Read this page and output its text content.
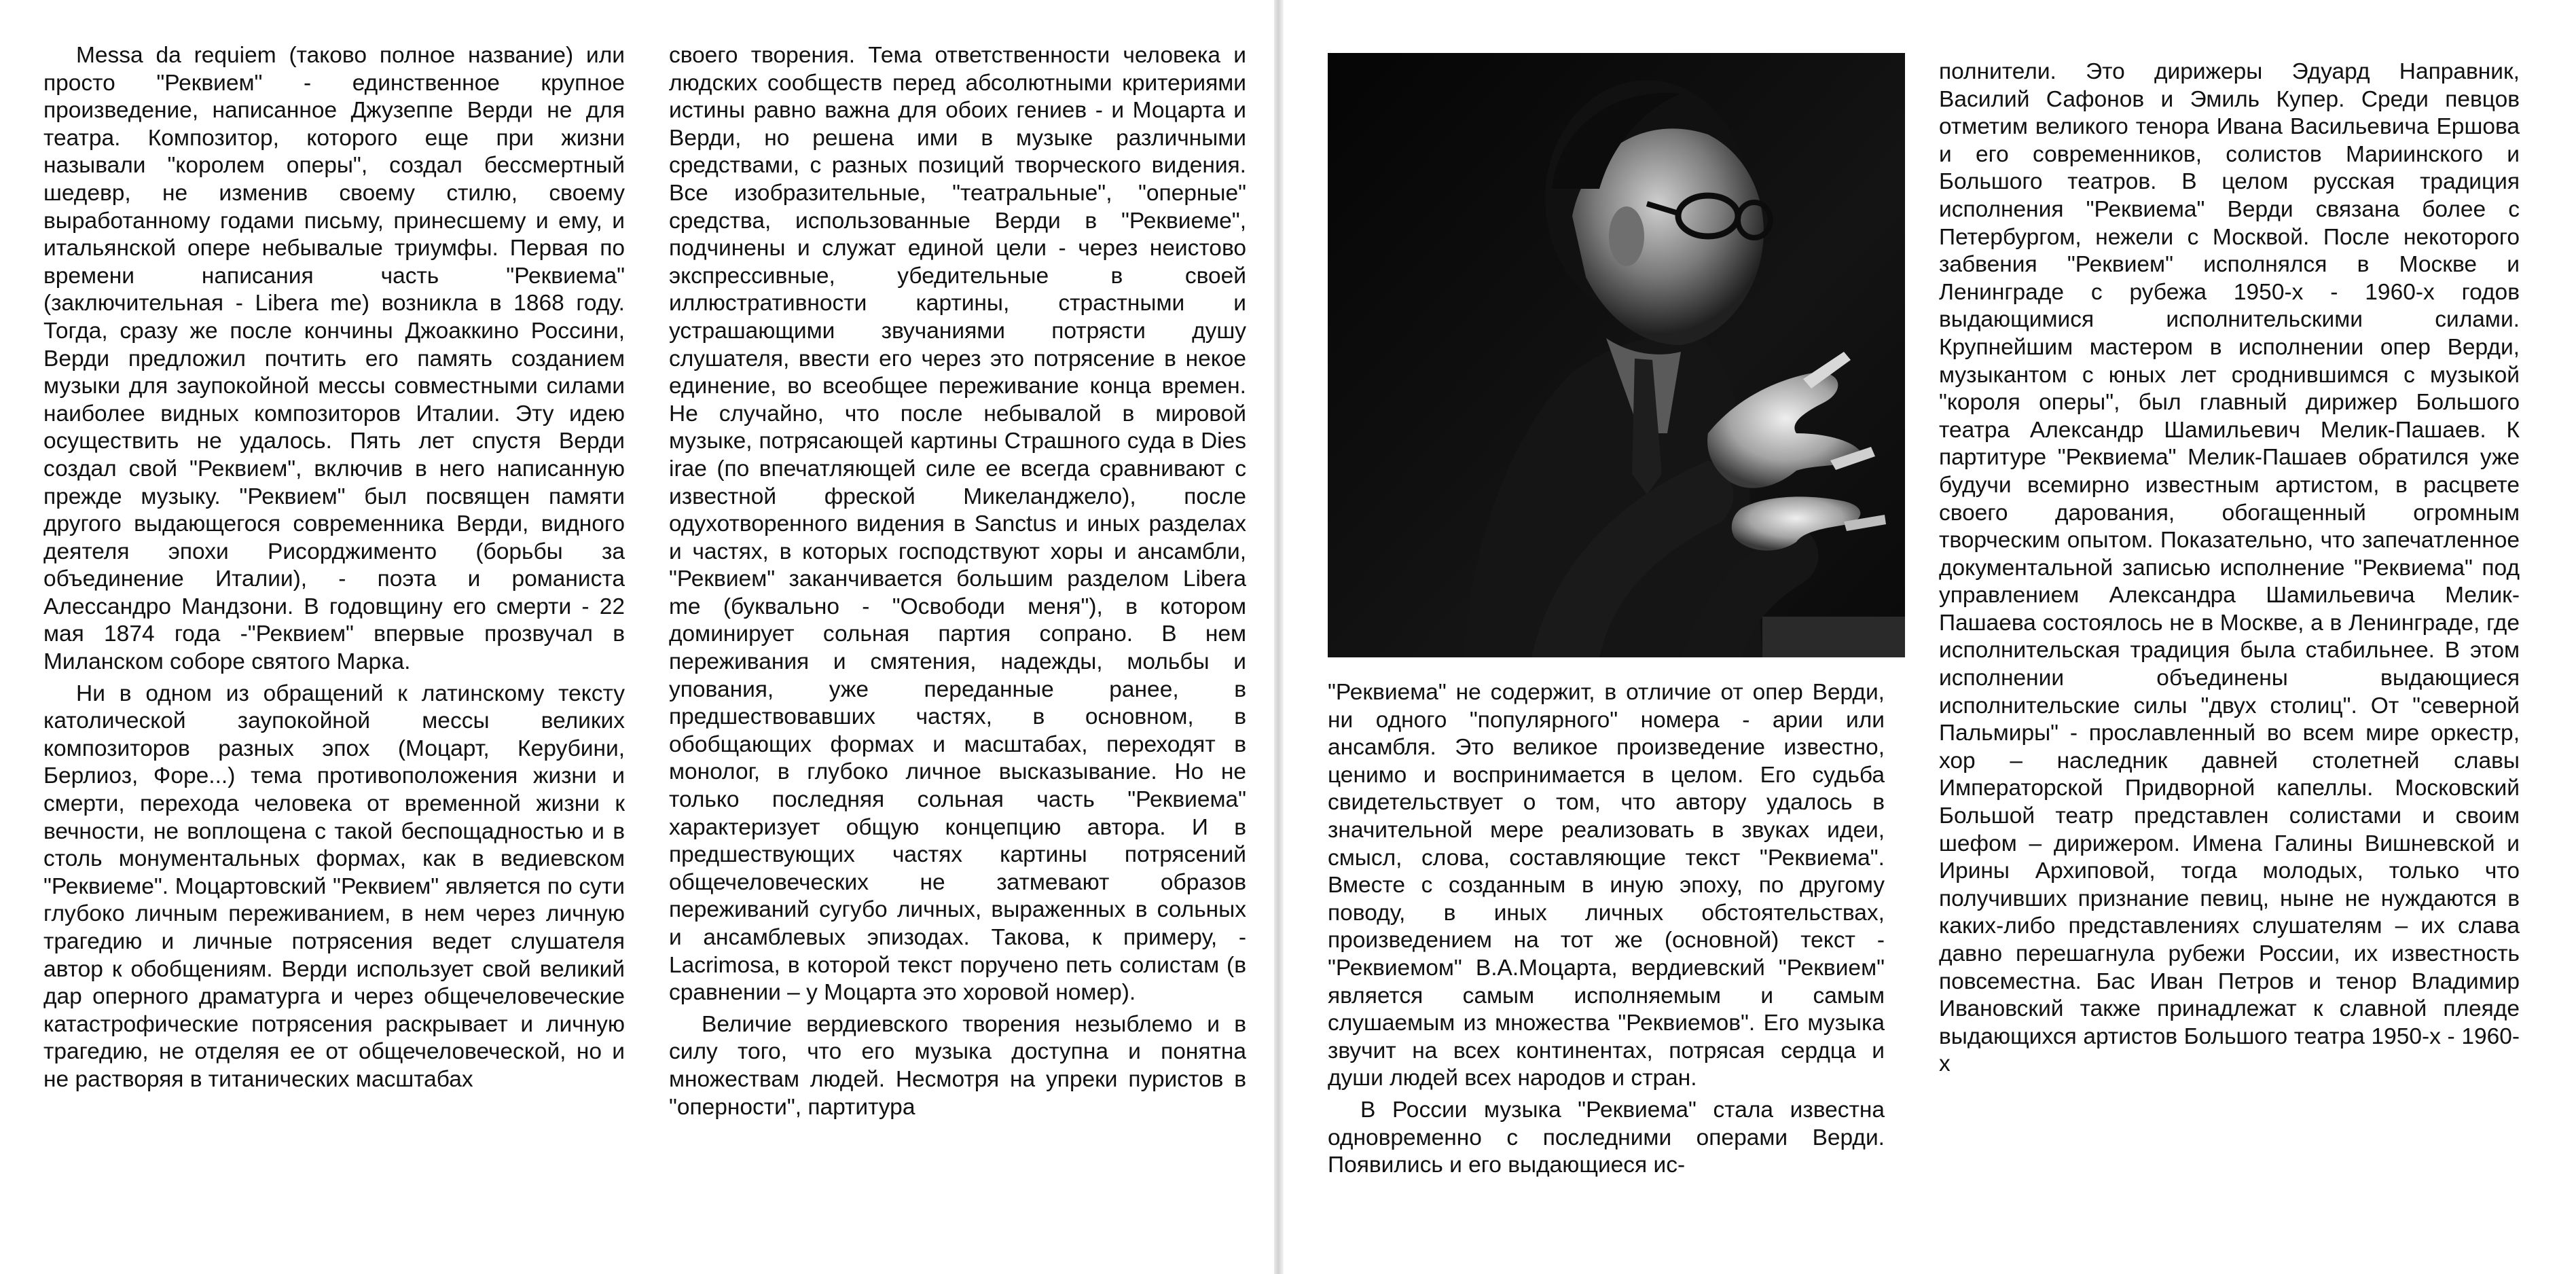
Messa da requiem (таково полное название) или просто "Реквием" - единственное крупное произведение, написанное Джузеппе Верди не для театра. Композитор, которого еще при жизни называли "королем оперы", создал бессмертный шедевр, не изменив своему стилю, своему выработанному годами письму, принесшему и ему, и итальянской опере небывалые триумфы. Первая по времени написания часть "Реквиема" (заключительная - Libera me) возникла в 1868 году. Тогда, сразу же после кончины Джоаккино Россини, Верди предложил почтить его память созданием музыки для заупокойной мессы совместными силами наиболее видных композиторов Италии. Эту идею осуществить не удалось. Пять лет спустя Верди создал свой "Реквием", включив в него написанную прежде музыку. "Реквием" был посвящен памяти другого выдающегося современника Верди, видного деятеля эпохи Рисорджименто (борьбы за объединение Италии), - поэта и романиста Алессандро Мандзони. В годовщину его смерти - 22 мая 1874 года -"Реквием" впервые прозвучал в Миланском соборе святого Марка.

Ни в одном из обращений к латинскому тексту католической заупокойной мессы великих композиторов разных эпох (Моцарт, Керубини, Берлиоз, Форе...) тема противоположения жизни и смерти, перехода человека от временной жизни к вечности, не воплощена с такой беспощадностью и в столь монументальных формах, как в ведиевском "Реквиеме". Моцартовский "Реквием" является по сути глубоко личным переживанием, в нем через личную трагедию и личные потрясения ведет слушателя автор к обобщениям. Верди использует свой великий дар оперного драматурга и через общечеловеческие катастрофические потрясения раскрывает и личную трагедию, не отделяя ее от общечеловеческой, но и не растворяя в титанических масштабах

своего творения. Тема ответственности человека и людских сообществ перед абсолютными критериями истины равно важна для обоих гениев - и Моцарта и Верди, но решена ими в музыке различными средствами, с разных позиций творческого видения. Все изобразительные, "театральные", "оперные" средства, использованные Верди в "Реквиеме", подчинены и служат единой цели - через неистово экспрессивные, убедительные в своей иллюстративности картины, страстными и устрашающими звучаниями потрясти душу слушателя, ввести его через это потрясение в некое единение, во всеобщее переживание конца времен. Не случайно, что после небывалой в мировой музыке, потрясающей картины Страшного суда в Dies irae (по впечатляющей силе ее всегда сравнивают с известной фреской Микеланджело), после одухотворенного видения в Sanctus и иных разделах и частях, в которых господствуют хоры и ансамбли, "Реквием" заканчивается большим разделом Libera me (буквально - "Освободи меня"), в котором доминирует сольная партия сопрано. В нем переживания и смятения, надежды, мольбы и упования, уже переданные ранее, в предшествовавших частях, в основном, в обобщающих формах и масштабах, переходят в монолог, в глубоко личное высказывание. Но не только последняя сольная часть "Реквиема" характеризует общую концепцию автора. И в предшествующих частях картины потрясений общечеловеческих не затмевают образов переживаний сугубо личных, выраженных в сольных и ансамблевых эпизодах. Такова, к примеру, - Lacrimosa, в которой текст поручено петь солистам (в сравнении – у Моцарта это хоровой номер).

Величие вердиевского творения незыблемо и в силу того, что его музыка доступна и понятна множествам людей. Несмотря на упреки пуристов в "оперности", партитура

"Реквиема" не содержит, в отличие от опер Верди, ни одного "популярного" номера - арии или ансамбля. Это великое произведение известно, ценимо и воспринимается в целом. Его судьба свидетельствует о том, что автору удалось в значительной мере реализовать в звуках идеи, смысл, слова, составляющие текст "Реквиема". Вместе с созданным в иную эпоху, по другому поводу, в иных личных обстоятельствах, произведением на тот же (основной) текст - "Реквиемом" В.А.Моцарта, вердиевский "Реквием" является самым исполняемым и самым слушаемым из множества "Реквиемов". Его музыка звучит на всех континентах, потрясая сердца и души людей всех народов и стран.

В России музыка "Реквиема" стала известна одновременно с последними операми Верди. Появились и его выдающиеся ис-

полнители. Это дирижеры Эдуард Направник, Василий Сафонов и Эмиль Купер. Среди певцов отметим великого тенора Ивана Васильевича Ершова и его современников, солистов Мариинского и Большого театров. В целом русская традиция исполнения "Реквиема" Верди связана более с Петербургом, нежели с Москвой. После некоторого забвения "Реквием" исполнялся в Москве и Ленинграде с рубежа 1950-х - 1960-х годов выдающимися исполнительскими силами. Крупнейшим мастером в исполнении опер Верди, музыкантом с юных лет сроднившимся с музыкой "короля оперы", был главный дирижер Большого театра Александр Шамильевич Мелик-Пашаев. К партитуре "Реквиема" Мелик-Пашаев обратился уже будучи всемирно известным артистом, в расцвете своего дарования, обогащенный огромным творческим опытом. Показательно, что запечатленное документальной записью исполнение "Реквиема" под управлением Александра Шамильевича Мелик-Пашаева состоялось не в Москве, а в Ленинграде, где исполнительская традиция была стабильнее. В этом исполнении объединены выдающиеся исполнительские силы "двух столиц". От "северной Пальмиры" - прославленный во всем мире оркестр, хор – наследник давней столетней славы Императорской Придворной капеллы. Московский Большой театр представлен солистами и своим шефом – дирижером. Имена Галины Вишневской и Ирины Архиповой, тогда молодых, только что получивших признание певиц, ныне не нуждаются в каких-либо представлениях слушателям – их слава давно перешагнула рубежи России, их известность повсеместна. Бас Иван Петров и тенор Владимир Ивановский также принадлежат к славной плеяде выдающихся артистов Большого театра 1950-х - 1960-х
